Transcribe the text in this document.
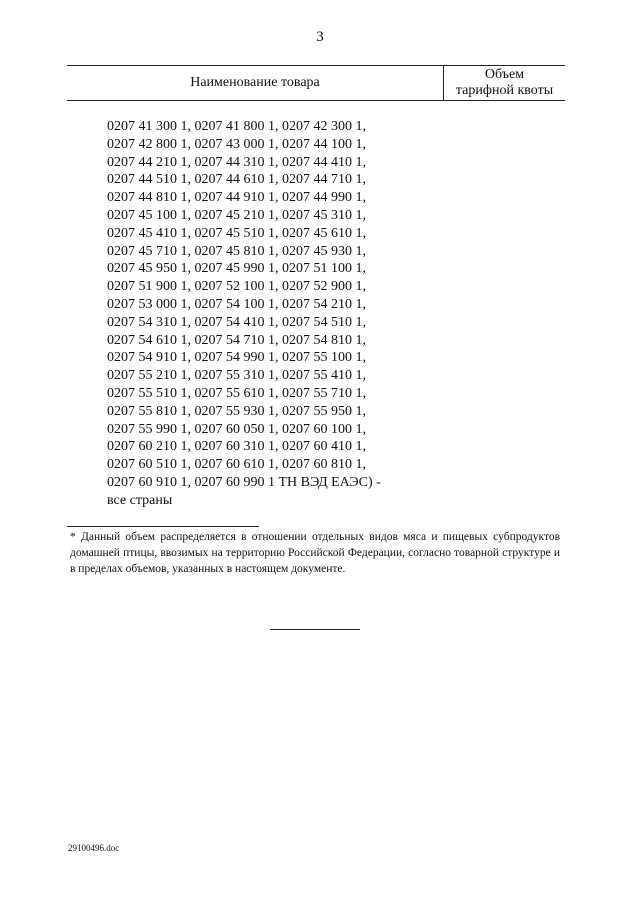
3
Наименование товара
Объем
тарифной квоты
0207 41 300 1, 0207 41 800 1, 0207 42 300 1,
0207 42 800 1, 0207 43 000 1, 0207 44 100 1,
0207 44 210 1, 0207 44 310 1, 0207 44 410 1,
0207 44 510 1, 0207 44 610 1, 0207 44 710 1,
0207 44 810 1, 0207 44 910 1, 0207 44 990 1,
0207 45 100 1, 0207 45 210 1, 0207 45 310 1,
0207 45 410 1, 0207 45 510 1, 0207 45 610 1,
0207 45 710 1, 0207 45 810 1, 0207 45 930 1,
0207 45 950 1, 0207 45 990 1, 0207 51 100 1,
0207 51 900 1, 0207 52 100 1, 0207 52 900 1,
0207 53 000 1, 0207 54 100 1, 0207 54 210 1,
0207 54 310 1, 0207 54 410 1, 0207 54 510 1,
0207 54 610 1, 0207 54 710 1, 0207 54 810 1,
0207 54 910 1, 0207 54 990 1, 0207 55 100 1,
0207 55 210 1, 0207 55 310 1, 0207 55 410 1,
0207 55 510 1, 0207 55 610 1, 0207 55 710 1,
0207 55 810 1, 0207 55 930 1, 0207 55 950 1,
0207 55 990 1, 0207 60 050 1, 0207 60 100 1,
0207 60 210 1, 0207 60 310 1, 0207 60 410 1,
0207 60 510 1, 0207 60 610 1, 0207 60 810 1,
0207 60 910 1, 0207 60 990 1 ТН ВЭД ЕАЭС) -
все страны
* Данный объем распределяется в отношении отдельных видов мяса и пищевых субпродуктов домашней птицы, ввозимых на территорию Российской Федерации, согласно товарной структуре и в пределах объемов, указанных в настоящем документе.
29100496.doc
